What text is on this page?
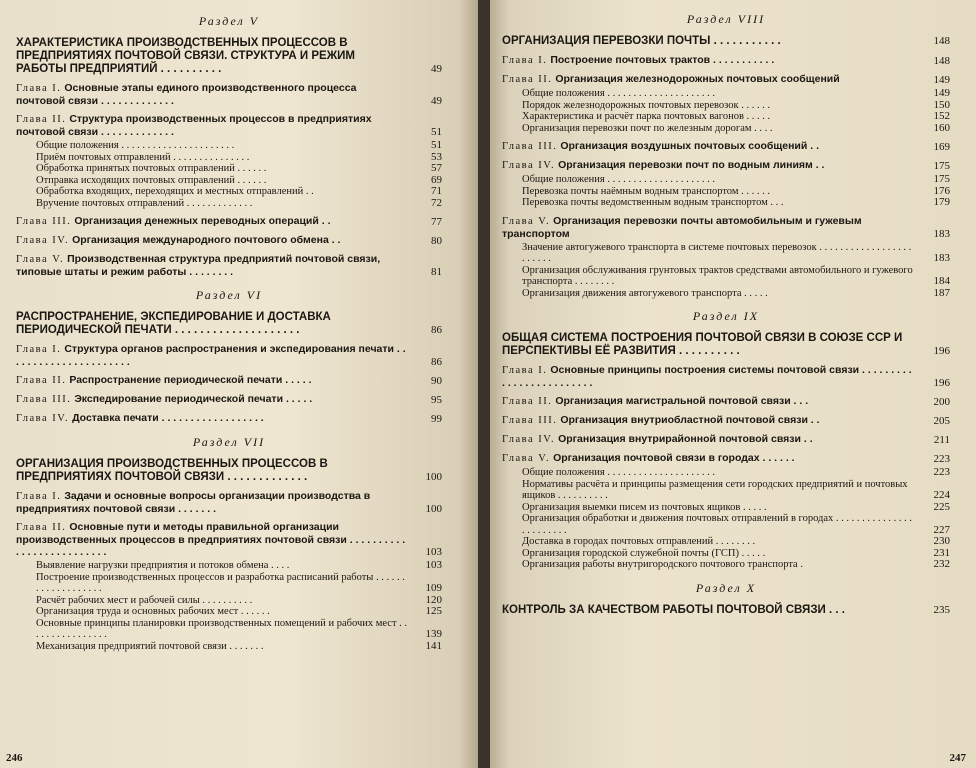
Раздел V
ХАРАКТЕРИСТИКА ПРОИЗВОДСТВЕННЫХ ПРОЦЕССОВ В ПРЕДПРИЯТИЯХ ПОЧТОВОЙ СВЯЗИ. СТРУКТУРА И РЕЖИМ РАБОТЫ ПРЕДПРИЯТИЙ . . . . . . . . . .	49
Глава I. Основные этапы единого производственного процесса почтовой связи . . . . . . . . . . . . .	49
Глава II. Структура производственных процессов в предприятиях почтовой связи . . . . . . . . . . . . .	51
Общие положения . . . . . . . . . . . . . . . . . . . . . .	51
Приём почтовых отправлений . . . . . . . . . . . . . . .	53
Обработка принятых почтовых отправлений . . . . . .	57
Отправка исходящих почтовых отправлений . . . . . .	69
Обработка входящих, переходящих и местных отправлений . .	71
Вручение почтовых отправлений . . . . . . . . . . . . .	72
Глава III. Организация денежных переводных операций . .	77
Глава IV. Организация международного почтового обмена . .	80
Глава V. Производственная структура предприятий почтовой связи, типовые штаты и режим работы . . . . . . . .	81
Раздел VI
РАСПРОСТРАНЕНИЕ, ЭКСПЕДИРОВАНИЕ И ДОСТАВКА ПЕРИОДИЧЕСКОЙ ПЕЧАТИ . . . . . . . . . . . . . . . . . . . .	86
Глава I. Структура органов распространения и экспедирования печати . . . . . . . . . . . . . . . . . . . . . .	86
Глава II. Распространение периодической печати . . . . .	90
Глава III. Экспедирование периодической печати . . . . .	95
Глава IV. Доставка печати . . . . . . . . . . . . . . . . . .	99
Раздел VII
ОРГАНИЗАЦИЯ ПРОИЗВОДСТВЕННЫХ ПРОЦЕССОВ В ПРЕДПРИЯТИЯХ ПОЧТОВОЙ СВЯЗИ . . . . . . . . . . . . .	100
Глава I. Задачи и основные вопросы организации производства в предприятиях почтовой связи . . . . . . .	100
Глава II. Основные пути и методы правильной организации производственных процессов в предприятиях почтовой связи . . . . . . . . . . . . . . . . . . . . . . . . . .	103
Выявление нагрузки предприятия и потоков обмена . . . .	103
Построение производственных процессов и разработка расписаний работы . . . . . . . . . . . . . . . . . . .	109
Расчёт рабочих мест и рабочей силы . . . . . . . . . .	120
Организация труда и основных рабочих мест . . . . . .	125
Основные принципы планировки производственных помещений и рабочих мест . . . . . . . . . . . . . . . .	139
Механизация предприятий почтовой связи . . . . . . .	141
246
Раздел VIII
ОРГАНИЗАЦИЯ ПЕРЕВОЗКИ ПОЧТЫ . . . . . . . . . . .	148
Глава I. Построение почтовых трактов . . . . . . . . . . .	148
Глава II. Организация железнодорожных почтовых сообщений	149
Общие положения . . . . . . . . . . . . . . . . . . . . .	149
Порядок железнодорожных почтовых перевозок . . . . . .	150
Характеристика и расчёт парка почтовых вагонов . . . . .	152
Организация перевозки почт по железным дорогам . . . .	160
Глава III. Организация воздушных почтовых сообщений . .	169
Глава IV. Организация перевозки почт по водным линиям . .	175
Общие положения . . . . . . . . . . . . . . . . . . . . .	175
Перевозка почты наёмным водным транспортом . . . . . .	176
Перевозка почты ведомственным водным транспортом . . .	179
Глава V. Организация перевозки почты автомобильным и гужевым транспортом	183
Значение автогужевого транспорта в системе почтовых перевозок . . . . . . . . . . . . . . . . . . . . . . . .	183
Организация обслуживания грунтовых трактов средствами автомобильного и гужевого транспорта . . . . . . . .	184
Организация движения автогужевого транспорта . . . . .	187
Раздел IX
ОБЩАЯ СИСТЕМА ПОСТРОЕНИЯ ПОЧТОВОЙ СВЯЗИ В СОЮЗЕ ССР И ПЕРСПЕКТИВЫ ЕЁ РАЗВИТИЯ . . . . . . . . . .	196
Глава I. Основные принципы построения системы почтовой связи . . . . . . . . . . . . . . . . . . . . . . . . .	196
Глава II. Организация магистральной почтовой связи . . .	200
Глава III. Организация внутриобластной почтовой связи . .	205
Глава IV. Организация внутрирайонной почтовой связи . .	211
Глава V. Организация почтовой связи в городах . . . . . .	223
Общие положения . . . . . . . . . . . . . . . . . . . . .	223
Нормативы расчёта и принципы размещения сети городских предприятий и почтовых ящиков . . . . . . . . . .	224
Организация выемки писем из почтовых ящиков . . . . .	225
Организация обработки и движения почтовых отправлений в городах . . . . . . . . . . . . . . . . . . . . . . . .	227
Доставка в городах почтовых отправлений . . . . . . . .	230
Организация городской служебной почты (ГСП) . . . . .	231
Организация работы внутригородского почтового транспорта .	232
Раздел X
КОНТРОЛЬ ЗА КАЧЕСТВОМ РАБОТЫ ПОЧТОВОЙ СВЯЗИ . . .	235
247
